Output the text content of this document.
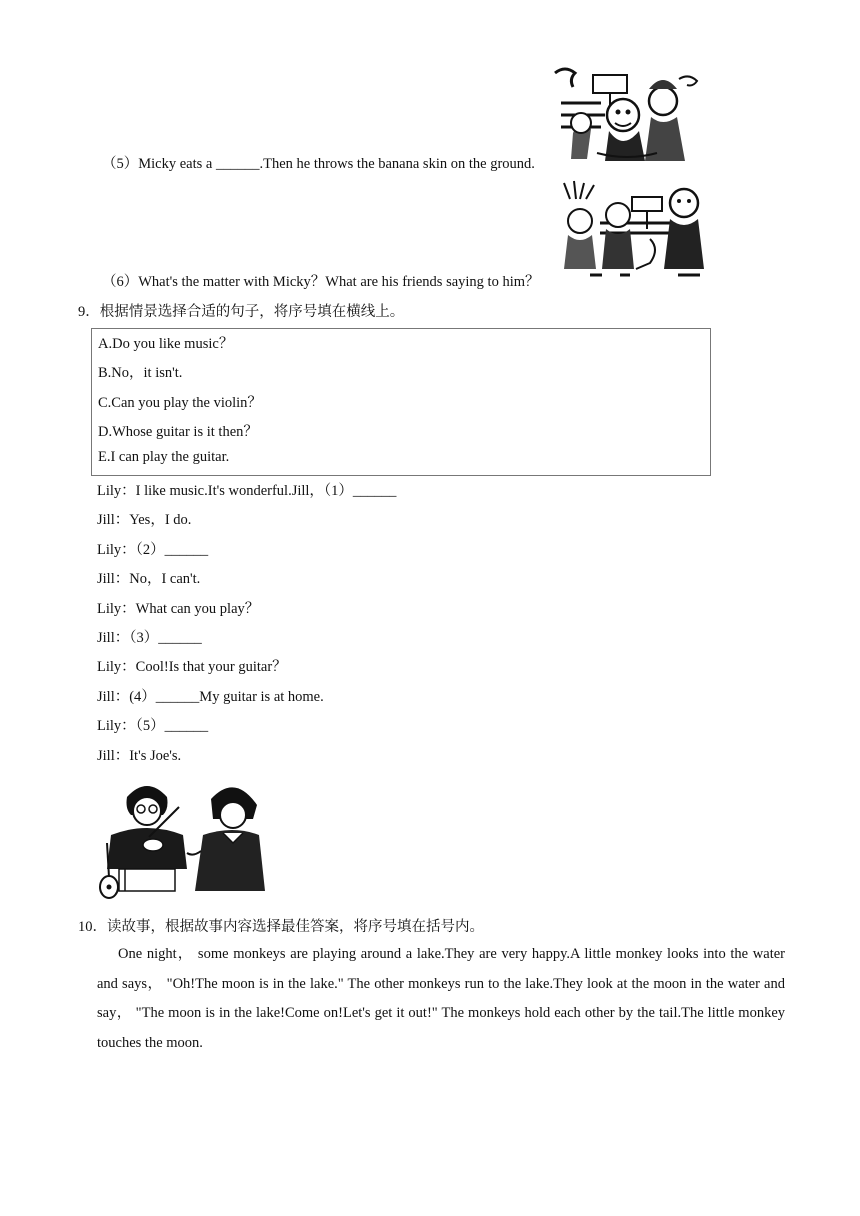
（5）Micky eats a ______.Then he throws the banana skin on the ground.
（6）What's the matter with Micky？What are his friends saying to him？
9．根据情景选择合适的句子，将序号填在横线上。
A.Do you like music？
B.No，it isn't.
C.Can you play the violin？
D.Whose guitar is it then？
E.I can play the guitar.
Lily：I like music.It's wonderful.Jill，（1）______
Jill：Yes，I do.
Lily：（2）______
Jill：No，I can't.
Lily：What can you play？
Jill：（3）______
Lily：Cool!Is that your guitar？
Jill：(4）______My guitar is at home.
Lily：（5）______
Jill：It's Joe's.
10．读故事，根据故事内容选择最佳答案，将序号填在括号内。
One night， some monkeys are playing around a lake.They are very happy.A little monkey looks into the water and says， "Oh!The moon is in the lake." The other monkeys run to the lake.They look at the moon in the water and say， "The moon is in the lake!Come on!Let's get it out!" The monkeys hold each other by the tail.The little monkey touches the moon.
